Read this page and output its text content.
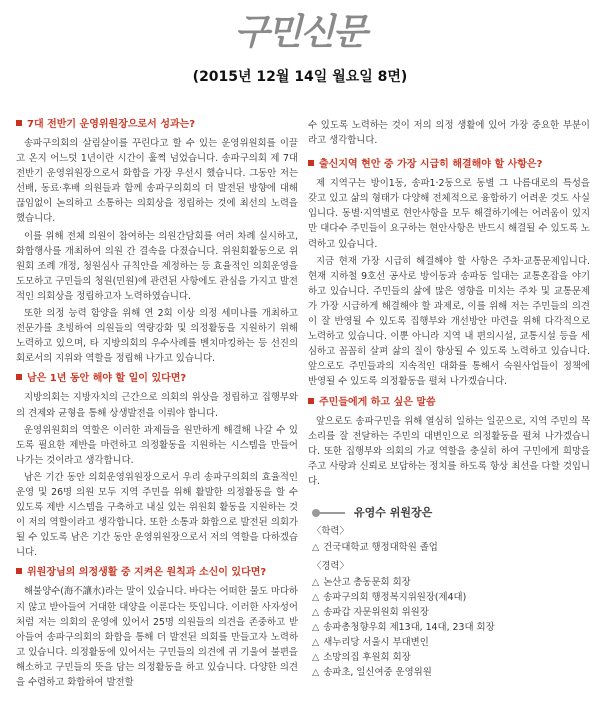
구민신문
(2015년 12월 14일 월요일 8면)
7대 전반기 운영위원장으로서 성과는?

송파구의회의 살림살이를 꾸린다고 할 수 있는 운영위원회를 이끌고 온지 어느덧 1년이란 시간이 훌쩍 넘었습니다. 송파구의회 제 7대 전반기 운영위원장으로서 화합을 가장 우선시 했습니다. 그동안 저는 선배, 동료·후배 의원들과 함께 송파구의회의 더 발전된 방향에 대해 끊임없이 논의하고 소통하는 의회상을 정립하는 것에 최선의 노력을 했습니다.

이를 위해 전체 의원이 참여하는 의원간담회를 여러 차례 실시하고, 화합행사를 개최하여 의원 간 결속을 다졌습니다. 위원회활동으로 위원회 조례 개정, 청원심사 규칙안을 제정하는 등 효율적인 의회운영을 도모하고 구민들의 청원(민원)에 관련된 사항에도 관심을 가지고 발전적인 의회상을 정립하고자 노력하였습니다.

또한 의정 능력 함양을 위해 연 2회 이상 의정 세미나를 개최하고 전문가를 초빙하여 의원들의 역량강화 및 의정활동을 지원하기 위해 노력하고 있으며, 타 지방의회의 우수사례를 벤치마킹하는 등 선진의회로서의 지위와 역할을 정립해 나가고 있습니다.

남은 1년 동안 해야 할 일이 있다면?

지방의회는 지방자치의 근간으로 의회의 위상을 정립하고 집행부와의 견제와 균형을 통해 상생발전을 이뤄야 합니다.

운영위원회의 역할은 이러한 과제들을 원만하게 해결해 나갈 수 있도록 필요한 제반을 마련하고 의정활동을 지원하는 시스템을 만들어나가는 것이라고 생각합니다.

남은 기간 동안 의회운영위원장으로서 우리 송파구의회의 효율적인 운영 및 26명 의원 모두 지역 주민을 위해 활발한 의정활동을 할 수 있도록 제반 시스템을 구축하고 내실 있는 위원회 활동을 지원하는 것이 저의 역할이라고 생각합니다. 또한 소통과 화합으로 발전된 의회가 될 수 있도록 남은 기간 동안 운영위원장으로서 저의 역할을 다하겠습니다.

위원장님의 의정생활 중 지켜온 원칙과 소신이 있다면?

해불양수(海不讓水)라는 말이 있습니다. 바다는 어떠한 물도 마다하지 않고 받아들여 거대한 대양을 이룬다는 뜻입니다. 이러한 사자성어처럼 저는 의회의 운영에 있어서 25명 의원들의 의견을 존중하고 받아들여 송파구의회의 화합을 통해 더 발전된 의회를 만들고자 노력하고 있습니다. 의정활동에 있어서는 구민들의 의견에 귀 기울여 불편을 해소하고 구민들의 뜻을 담는 의정활동을 하고 있습니다. 다양한 의견을 수렴하고 화합하여 발전할

수 있도록 노력하는 것이 저의 의정 생활에 있어 가장 중요한 부분이라고 생각합니다.

출신지역 현안 중 가장 시급히 해결해야 할 사항은?

제 지역구는 방이1동, 송파1·2동으로 동별 그 나름대로의 특성을 갖고 있고 삶의 형태가 다양해 전체적으로 융합하기 어려운 것도 사실입니다. 동별·지역별로 현안사항을 모두 해결하기에는 어려움이 있지만 대다수 주민들이 요구하는 현안사항은 반드시 해결될 수 있도록 노력하고 있습니다.

지금 현재 가장 시급히 해결해야 할 사항은 주차·교통문제입니다. 현재 지하철 9호선 공사로 방이동과 송파동 일대는 교통혼잡을 야기하고 있습니다. 주민들의 삶에 많은 영향을 미치는 주차 및 교통문제가 가장 시급하게 해결해야 할 과제로, 이를 위해 저는 주민들의 의견이 잘 반영될 수 있도록 집행부와 개선방안 마련을 위해 다각적으로 노력하고 있습니다. 이뿐 아니라 지역 내 편의시설, 교통시설 등을 세심하고 꼼꼼히 살펴 삶의 질이 향상될 수 있도록 노력하고 있습니다. 앞으로도 주민들과의 지속적인 대화를 통해서 숙원사업들이 정책에 반영될 수 있도록 의정활동을 펼쳐 나가겠습니다.

주민들에게 하고 싶은 말씀

앞으로도 송파구민을 위해 열심히 일하는 일꾼으로, 지역 주민의 목소리를 잘 전달하는 주민의 대변인으로 의정활동을 펼쳐 나가겠습니다. 또한 집행부와 의회의 가교 역할을 충실히 하여 구민에게 희망을 주고 사랑과 신뢰로 보답하는 정치를 하도록 항상 최선을 다할 것입니다.

유영수 위원장은
〈학력〉
△ 건국대학교 행정대학원 졸업
〈경력〉
△ 논산고 총동문회 회장
△ 송파구의회 행정복지위원장(제4대)
△ 송파갑 자문위원회 위원장
△ 송파총청향우회 제13대, 14대, 23대 회장
△ 새누리당 서울시 부대변인
△ 소망의집 후원회 회장
△ 송파초, 일신여중 운영위원
